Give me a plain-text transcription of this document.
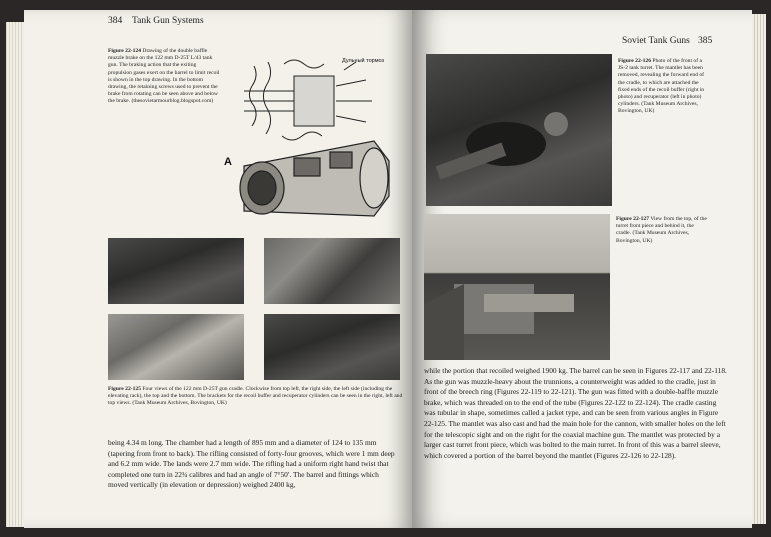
384 Tank Gun Systems
Figure 22-124 Drawing of the double baffle muzzle brake on the 122 mm D-25T L/43 tank gun. The braking action that the exiting propulsion gases exert on the barrel to limit recoil is shown in the top drawing. In the bottom drawing, the retaining screws used to prevent the brake from rotating can be seen above and below the brake. (thesovietarmourblog.blogspot.com)
Дульный тормоз
A
Figure 22-125 Four views of the 122 mm D-25T gun cradle. Clockwise from top left, the right side, the left side (including the elevating rack), the top and the bottom. The brackets for the recoil buffer and recuperator cylinders can be seen in the right, left and top views. (Tank Museum Archives, Bovington, UK)
being 4.34 m long. The chamber had a length of 895 mm and a diameter of 124 to 135 mm (tapering from front to back). The rifling consisted of forty-four grooves, which were 1 mm deep and 6.2 mm wide. The lands were 2.7 mm wide. The rifling had a uniform right hand twist that completed one turn in 22¾ calibres and had an angle of 7°50′. The barrel and fittings which moved vertically (in elevation or depression) weighed 2400 kg,
Soviet Tank Guns 385
Figure 22-126 Photo of the front of a JS-2 tank turret. The mantlet has been removed, revealing the forward end of the cradle, to which are attached the fixed ends of the recoil buffer (right in photo) and recuperator (left in photo) cylinders. (Tank Museum Archives, Bovington, UK)
Figure 22-127 View from the top, of the turret front piece and behind it, the cradle. (Tank Museum Archives, Bovington, UK)
while the portion that recoiled weighed 1900 kg. The barrel can be seen in Figures 22-117 and 22-118. As the gun was muzzle-heavy about the trunnions, a counterweight was added to the cradle, just in front of the breech ring (Figures 22-119 to 22-121). The gun was fitted with a double-baffle muzzle brake, which was threaded on to the end of the tube (Figures 22-122 to 22-124). The cradle casting was tubular in shape, sometimes called a jacket type, and can be seen from various angles in Figure 22-125. The mantlet was also cast and had the main hole for the cannon, with smaller holes on the left for the telescopic sight and on the right for the coaxial machine gun. The mantlet was protected by a larger cast turret front piece, which was bolted to the main turret. In front of this was a barrel sleeve, which covered a portion of the barrel beyond the mantlet (Figures 22-126 to 22-128).
